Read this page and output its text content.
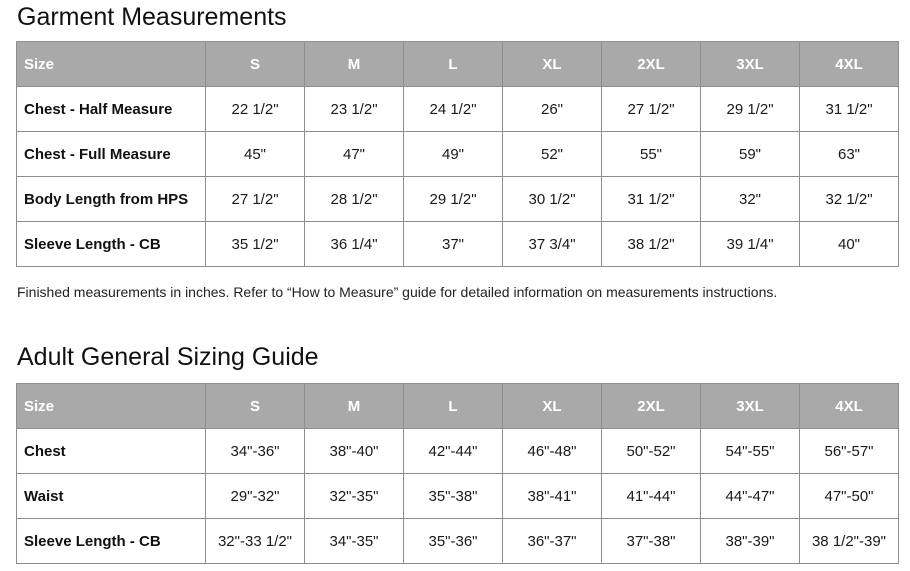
Garment Measurements
Size	S	M	L	XL	2XL	3XL	4XL
Chest - Half Measure	22 1/2"	23 1/2"	24 1/2"	26"	27 1/2"	29 1/2"	31 1/2"
Chest - Full Measure	45"	47"	49"	52"	55"	59"	63"
Body Length from HPS	27 1/2"	28 1/2"	29 1/2"	30 1/2"	31 1/2"	32"	32 1/2"
Sleeve Length - CB	35 1/2"	36 1/4"	37"	37 3/4"	38 1/2"	39 1/4"	40"

Finished measurements in inches. Refer to “How to Measure” guide for detailed information on measurements instructions.

Adult General Sizing Guide
Size	S	M	L	XL	2XL	3XL	4XL
Chest	34"-36"	38"-40"	42"-44"	46"-48"	50"-52"	54"-55"	56"-57"
Waist	29"-32"	32"-35"	35"-38"	38"-41"	41"-44"	44"-47"	47"-50"
Sleeve Length - CB	32"-33 1/2"	34"-35"	35"-36"	36"-37"	37"-38"	38"-39"	38 1/2"-39"
